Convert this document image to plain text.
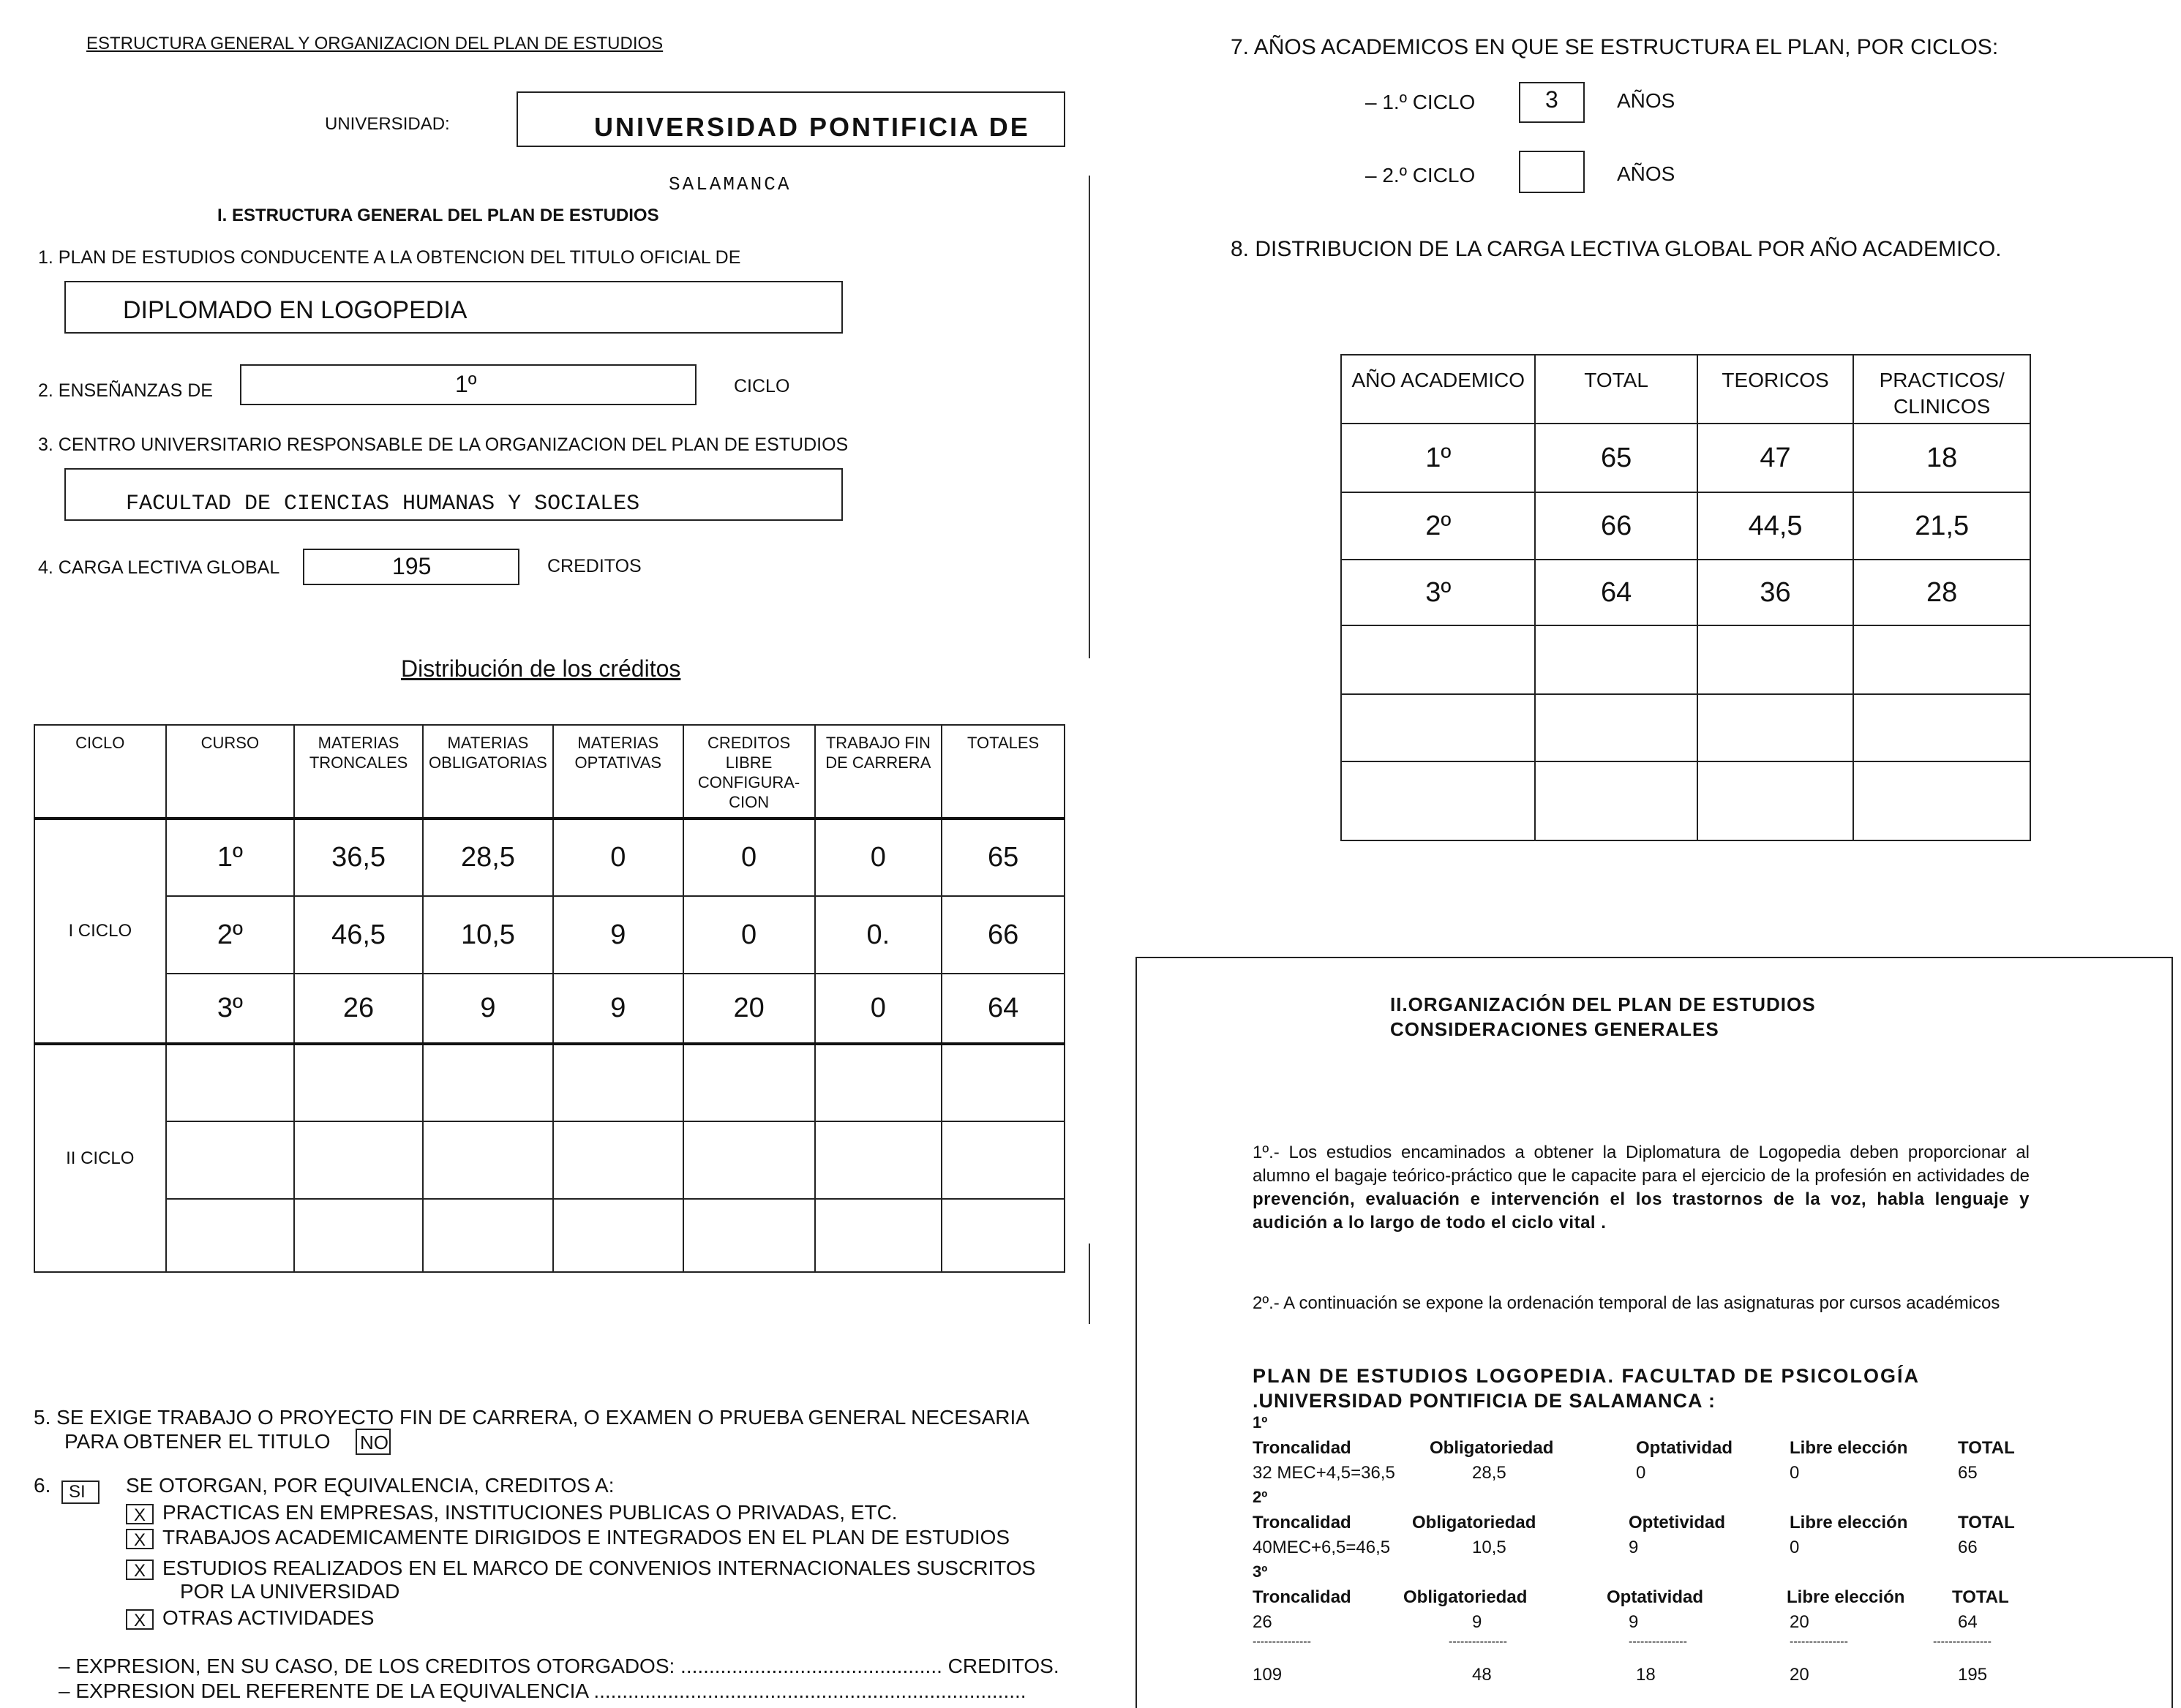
ESTRUCTURA GENERAL Y ORGANIZACION DEL PLAN DE ESTUDIOS
UNIVERSIDAD:	UNIVERSIDAD PONTIFICIA DE
SALAMANCA
I. ESTRUCTURA GENERAL DEL PLAN DE ESTUDIOS
1. PLAN DE ESTUDIOS CONDUCENTE A LA OBTENCION DEL TITULO OFICIAL DE
DIPLOMADO EN LOGOPEDIA
2. ENSEÑANZAS DE	1º	CICLO
3. CENTRO UNIVERSITARIO RESPONSABLE DE LA ORGANIZACION DEL PLAN DE ESTUDIOS
FACULTAD DE CIENCIAS HUMANAS Y SOCIALES
4. CARGA LECTIVA GLOBAL	195	CREDITOS
Distribución de los créditos
CICLO	CURSO	MATERIAS TRONCALES	MATERIAS OBLIGATORIAS	MATERIAS OPTATIVAS	CREDITOS LIBRE CONFIGURA-CION	TRABAJO FIN DE CARRERA	TOTALES
I CICLO	1º	36,5	28,5	0	0	0	65
	2º	46,5	10,5	9	0	0.	66
	3º	26	9	9	20	0	64
II CICLO							

5. SE EXIGE TRABAJO O PROYECTO FIN DE CARRERA, O EXAMEN O PRUEBA GENERAL NECESARIA
PARA OBTENER EL TITULO NO
6. SI SE OTORGAN, POR EQUIVALENCIA, CREDITOS A:
X PRACTICAS EN EMPRESAS, INSTITUCIONES PUBLICAS O PRIVADAS, ETC.
X TRABAJOS ACADEMICAMENTE DIRIGIDOS E INTEGRADOS EN EL PLAN DE ESTUDIOS
X ESTUDIOS REALIZADOS EN EL MARCO DE CONVENIOS INTERNACIONALES SUSCRITOS
POR LA UNIVERSIDAD
X OTRAS ACTIVIDADES
– EXPRESION, EN SU CASO, DE LOS CREDITOS OTORGADOS: .............................................. CREDITOS.
– EXPRESION DEL REFERENTE DE LA EQUIVALENCIA ............................................................................
7. AÑOS ACADEMICOS EN QUE SE ESTRUCTURA EL PLAN, POR CICLOS:
– 1.º CICLO	3	AÑOS
– 2.º CICLO	AÑOS
8. DISTRIBUCION DE LA CARGA LECTIVA GLOBAL POR AÑO ACADEMICO.
AÑO ACADEMICO	TOTAL	TEORICOS	PRACTICOS/ CLINICOS
1º	65	47	18
2º	66	44,5	21,5
3º	64	36	28

II.ORGANIZACIÓN DEL PLAN DE ESTUDIOS
CONSIDERACIONES GENERALES
1º.- Los estudios encaminados a obtener la Diplomatura de Logopedia deben proporcionar al alumno el bagaje teórico-práctico que le capacite para el ejercicio de la profesión en actividades de prevención, evaluación e intervención el los trastornos de la voz, habla lenguaje y audición a lo largo de todo el ciclo vital .
2º.- A continuación se expone la ordenación temporal de las asignaturas por cursos académicos
PLAN DE ESTUDIOS LOGOPEDIA. FACULTAD DE PSICOLOGÍA
.UNIVERSIDAD PONTIFICIA DE SALAMANCA :
1º
Troncalidad	Obligatoriedad	Optatividad	Libre elección	TOTAL
32 MEC+4,5=36,5	28,5	0	0	65
2º
Troncalidad	Obligatoriedad	Optetividad	Libre elección	TOTAL
40MEC+6,5=46,5	10,5	9	0	66
3º
Troncalidad	Obligatoriedad	Optatividad	Libre elección	TOTAL
26	9	9	20	64
---------------	---------------	---------------	---------------	---------------
109	48	18	20	195
